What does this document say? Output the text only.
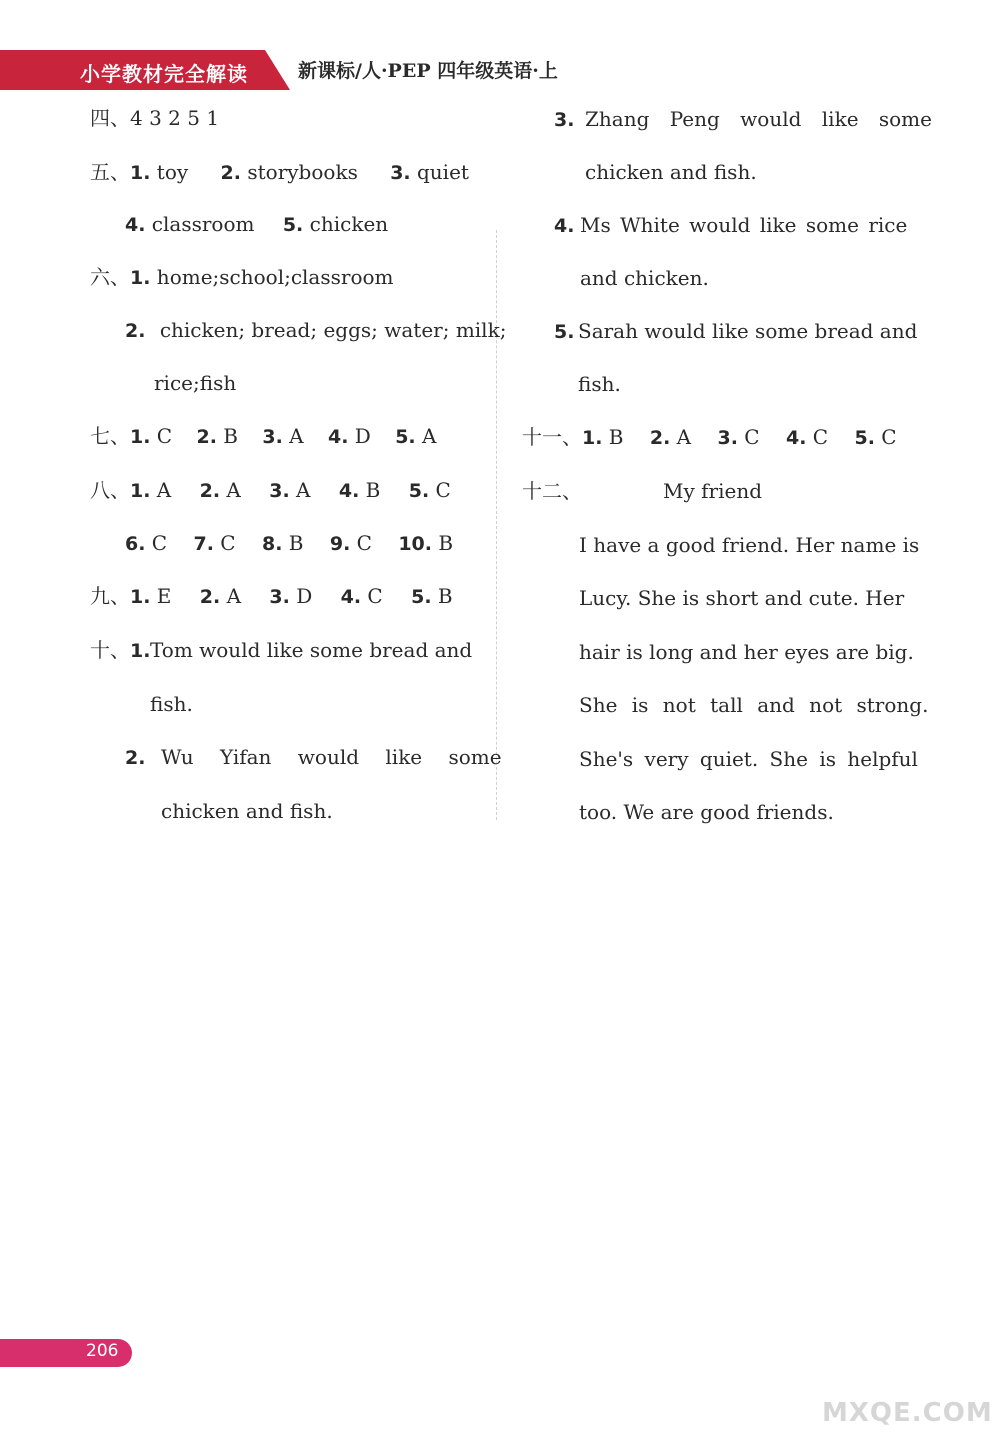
小学教材完全解读	新课标/人·PEP 四年级英语·上
四、4 3 2 5 1
五、1. toy 2. storybooks 3. quiet
4. classroom 5. chicken
六、1. home;school;classroom
2. chicken; bread; eggs; water; milk;
rice;fish
七、1. C 2. B 3. A 4. D 5. A
八、1. A 2. A 3. A 4. B 5. C
6. C 7. C 8. B 9. C 10. B
九、1. E 2. A 3. D 4. C 5. B
十、1. Tom would like some bread and
fish.
2. Wu Yifan would like some
chicken and fish.
3. Zhang Peng would like some
chicken and fish.
4. Ms White would like some rice
and chicken.
5. Sarah would like some bread and
fish.
十一、1. B 2. A 3. C 4. C 5. C
十二、	My friend
I have a good friend. Her name is
Lucy. She is short and cute. Her
hair is long and her eyes are big.
She is not tall and not strong.
She's very quiet. She is helpful
too. We are good friends.
206
MXQE.COM
